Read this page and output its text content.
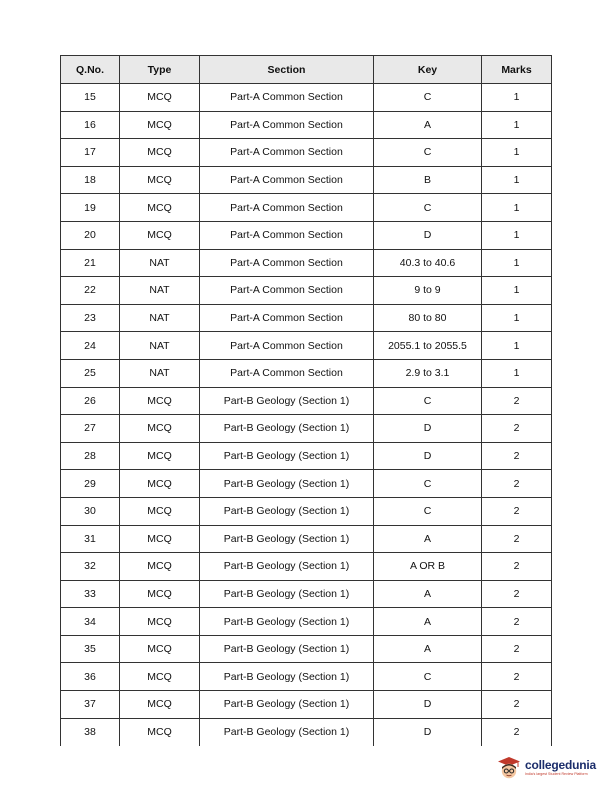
Q.No.	Type	Section	Key	Marks
15	MCQ	Part-A Common Section	C	1
16	MCQ	Part-A Common Section	A	1
17	MCQ	Part-A Common Section	C	1
18	MCQ	Part-A Common Section	B	1
19	MCQ	Part-A Common Section	C	1
20	MCQ	Part-A Common Section	D	1
21	NAT	Part-A Common Section	40.3 to 40.6	1
22	NAT	Part-A Common Section	9 to 9	1
23	NAT	Part-A Common Section	80 to 80	1
24	NAT	Part-A Common Section	2055.1 to 2055.5	1
25	NAT	Part-A Common Section	2.9 to 3.1	1
26	MCQ	Part-B Geology (Section 1)	C	2
27	MCQ	Part-B Geology (Section 1)	D	2
28	MCQ	Part-B Geology (Section 1)	D	2
29	MCQ	Part-B Geology (Section 1)	C	2
30	MCQ	Part-B Geology (Section 1)	C	2
31	MCQ	Part-B Geology (Section 1)	A	2
32	MCQ	Part-B Geology (Section 1)	A OR B	2
33	MCQ	Part-B Geology (Section 1)	A	2
34	MCQ	Part-B Geology (Section 1)	A	2
35	MCQ	Part-B Geology (Section 1)	A	2
36	MCQ	Part-B Geology (Section 1)	C	2
37	MCQ	Part-B Geology (Section 1)	D	2
38	MCQ	Part-B Geology (Section 1)	D	2
collegedunia
India's largest Student Review Platform
